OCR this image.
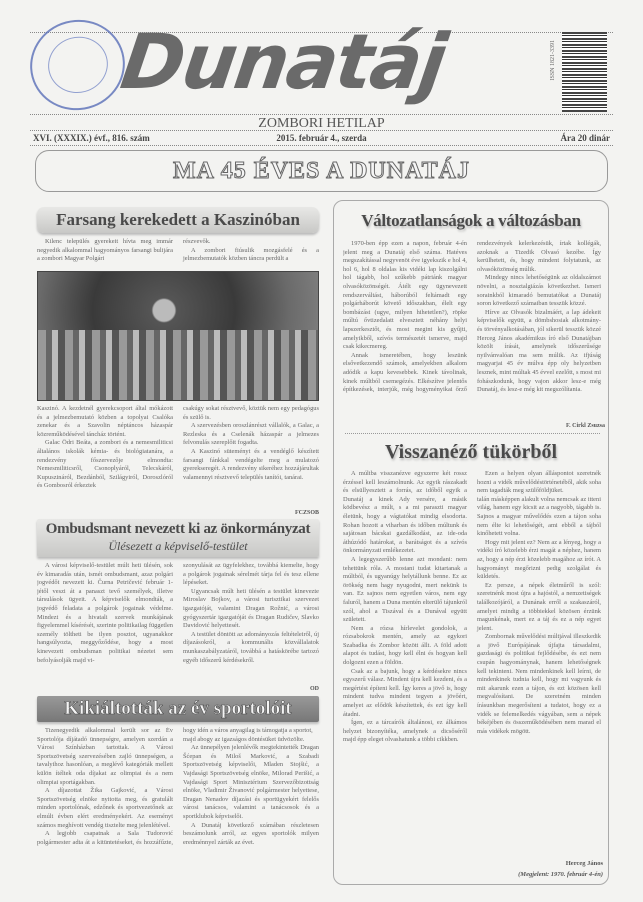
Dunatáj	ISSN 1821-3391
ZOMBORI HETILAP
XVI. (XXXIX.) évf., 816. szám	2015. február 4., szerda	Ára 20 dinár
MA 45 ÉVES A DUNATÁJ
Farsang kerekedett a Kaszinóban

Kilenc település gyerekeit hívta meg immár negyedik alkalommal hagyományos farsangi bulijára a zombori Magyar Polgári

részvevők.

A zombori fiúsulik mozgásfelé és a jelmezbemutatók közben táncra perdült a

Kaszinó. A kezdetnél gyerekcsoport által mókázott és a jelmezbemutató közben a topolyai Csalóka zenekar és a Szavolin néptáncos házaspár közreműködésével táncház történt.

Galac Ödri Beáta, a zombori és a nemesmiliticsi általános iskolák kémia- és biológiatanára, a rendezvény főszervezője elmondta: Nemesmiliticsről, Csonoplyáról, Telecskáról, Kupuszináról, Bezdánból, Szilágyiról, Doroszlóról és Gombosról érkeztek

csakúgy sokat résztvevő, köztük nem egy pedagógus és szülő is.

A szervezésben oroszlánrészt vállalók, a Galac, a Rezleska és a Cselenák házaspár a jelmezes felvonulás szereplőit fogadta.

A Kaszinó süteményt és a vendéglő készített farsangi fánkkal vendégelte meg a mulatozó gyerekseregét. A rendezvény sikeréhez hozzájárultak valamennyi résztvevő település tanítói, tanárai.

FCZSOB
Ombudsmant nevezett ki az önkormányzat
Ülésezett a képviselő-testület

A városi képviselő-testület múlt heti ülésén, sok év kimaradás után, ismét ombudsmant, azaz polgári jogvédőt nevezett ki. Čurna Petričević február 1-jétől veszi át a panaszt tevő személyek, illetve társulások ügyeit. A képviselők elmondták, a jogvédő feladata a polgárok jogainak védelme. Mindezt és a hivatali szervek munkájának figyelemmel kísérését, szerinte politikailag független személy töltheti be ilyen posztot, ugyanakkor hangsúlyozta, meggyőződése, hogy a most kinevezett ombudsman politikai nézetei sem befolyásolják majd vi-

szonyulását az ügyfelekhez, továbbá kiemelte, hogy a polgárok jogainak sérelmét tárja fel és tesz ellene lépéseket.

Ugyancsak múlt heti ülésén a testület kinevezte Miroslav Bojkov, a városi turisztikai szervezet igazgatóját, valamint Dragan Rožnić, a városi gyógyszertár igazgatóját és Dragan Rudičev, Slavko Davidović helyettesét.

A testület döntött az adományozás feltételeiről, új díjazásokról, a kommunális közvállalatok munkaszabályzatáról, továbbá a hatáskörébe tartozó egyéb időszerű kérdésekről.

OD
Kikiáltották az év sportolóit

Tizenegyedik alkalommal került sor az Év Sportolója díjátadó ünnepségre, amelyen szerdán a Városi Színházban tartottak. A Városi Sportszövetség szervezésében zajló ünnepségen, a tavalyihoz hasonlóan, a meglévő kategóriák mellett külön ítéltek oda díjakat az olimpiai és a nem olimpiai sportágakban.

A díjazottat Žika Gajković, a Városi Sportszövetség elnöke nyitotta meg, és gratulált minden sportolónak, edzőnek és sportvezetőnek az elmúlt évben elért eredményekért. Az eseményt számos meghívott vendég tisztelte meg jelenlétével.

A legjobb csapatnak a Sala Tudorović polgármester adta át a kitüntetéseket, és hozzáfűzte, hogy idén a város anyagilag is támogatja a sportot,

majd abogy az igazságos döntésüket üdvözölte.

Az ünnepélyen jelenlévők megtekintették Dragan Šćepan és Miloš Marković, a Szabadi Sportszövetség képviselői, Mladen Stojšić, a Vajdasági Sportszövetség elnöke, Milorad Perišić, a Vajdasági Sport Minisztérium Szervezőbizottság elnöke, Vladimir Živanović polgármester helyettese, Dragan Nenadov díjazási és sportügyekért felelős városi tanácsos, valamint a tanácsosok és a sportklubok képviselői.

A Dunatáj következő számában részletesen beszámolunk arról, az egyes sportolók milyen eredménnyel zárták az évet.

Változatlanságok a változásban

1970-ben épp ezen a napon, február 4-én jelent meg a Dunatáj első száma. Hatéves megszakítással negyvenöt éve igyekszik e hol 4, hol 6, hol 8 oldalas kis vidéki lap kiszolgálni hol tágabb, hol szűkebb pátriánk magyar olvasóközönségét. Átélt egy ügynevezett rendszerváltást, háborúból feltámadt egy polgárháborút követő időszakban, élelt egy bombázást (ugye, milyen hihetetlen?), röpke múltú ővtizedalatt elvesztett néhány helyi lapszerkesztőt, és most megint kis gyűjti, amelyikből, szívós természetét ismerve, majd csak kikecmereg.

Annak ismeretében, hogy leszünk elsővetkezendő számok, amelyekben alkalom adódik a kapu kevesebbek. Kinek távolinak, kinek múltból csemegézés. Elkészítve jelentős építkezések, interjúk, még hogyményikai őrző rendezvények kelerkezésük, írtak kollégák, azoknak a Tizedik Olvasó kezébe. Így kerülhetett, és, hogy mindent folytatunk, az olvasóközönség múlik.

Mindegy nincs lehetőségünk az oldalszámot növelni, a nosztalgiázás következhet. Ismeri sorainkból kimaradó bemutatókat a Dunatáj soron következő számaiban tesszük közzé.

Hírve az Olvasók bizalmáért, a lap ádekeit képviselők együtt, a dömbshosiak alkotmány- és törvényalkotásában, jól sikerül tesszük közzé Herceg János akadémikus író első Dunatájban közölt írását, amelynek időszerűsége nyilvánvalóan ma sem múlik. Az ifjúság magyarjai 45 év múlva épp oly helyzetben lesznek, mint múltak 45 évvel ezelőtt, s most mi fohászkodunk, hogy vajon akkor lesz-e még Dunatáj, és lesz-e még kit megszólítania.

F. Cirkl Zsuzsa
Visszanéző tükörből

A múltba visszanézve egyszerre két rossz érzéssel kell leszámolnunk. Az egyik rászakadt és elsüllyesztett a forrás, az időből egyik a Dunatáj a kinek Ady versére, a másik ködbevész a múlt, s a mi paraszti magyar életünk, hogy a vágtatókat mindig elsodorta. Rohan hozott a viharban és időben múltunk és sajátosan bácskai gazdálkodást, az ide-oda áthúzódó határokat, a barátságot és a szívós önkormányzati emlékezetet.

A legegyszerűbb lenne azt mondani: nem tehettünk róla. A mostani tudat kitartanak a múltból, és ugyanúgy helytállunk benne. Ez az örökség nem hagy nyugodni, mert nekünk is van. Ez sajnos nem egyetlen város, nem egy faluról, hanem a Duna mentén elterülő tájunkról szól, ahol a Tiszával és a Dunával együtt született.

Nem a rózsa hírlevelet gondolok, a rózsabokrok mentén, amely az egykori Szabadka és Zombor között állt. A föld adott alapot és tudást, hogy kell élni és hogyan kell dolgozni ezen a földön.

Csak az a bajunk, hogy a kérdésekre nincs egyszerű válasz. Mindent újra kell kezdeni, és a megértést építeni kell. Így keres a jövő is, hogy mindent tudva mindent tegyen a jövőért, amelyet az elődök készítettek, és ezt így kell átadni.

Ígen, ez a tárcaírók általánosi, ez álkámos helyzet bizonyítéka, amelynek a dicsőséről majd épp eleget olvashatunk a többi cikkben.

Ezen a helyen olyan álláspontot szeretnék hozni a vidék művelődéstörténetéből, akik soha nem tagadták meg szülőföldjüket.

talán másképpen alakult volna nemcsak az itteni világ, hanem egy kicsit az a nagyobb, tágabb is. Sajnos a magyar művelődés ezen a tájon soha nem élte ki lehetőségét, ami ebből a tájból kinőhetett volna.

Hogy mit jelent ez? Nem az a lényeg, hogy a vidéki író közelebb érzi magát a néphez, hanem az, hogy a nép érzi közelebb magához az írót. A hagyományt megőrizni pedig szolgálat és küldetés.

Ez persze, a népek életműről is szól: szeretnénk most újra a hajóstól, a nemzetiségek találkozójáról, a Dunának erről a szakaszáról, amelyet mindig a többiekkel közösen érzünk magunkénak, mert ez a táj és ez a nép egyet jelent.

Zombornak művelődési múltjával illeszkedik a jövő Európájának újfajta társadalmi, gazdasági és politikai fejlődésébe, és ezt nem csupán hagyománynak, hanem lehetőségnek kell tekinteni. Nem mindenkinek kell leírni, de mindenkinek tudnia kell, hogy mi vagyunk és mit akarunk ezen a tájon, és ezt közösen kell megvalósítani. De szeretném minden írásunkban megerősíteni a tudatot, hogy ez a vidék se felemelkedés vágyában, sem a népek békéjében és összeműködésében nem marad el más vidékek mögött.

Herceg János
(Megjelent: 1970. február 4-én)
